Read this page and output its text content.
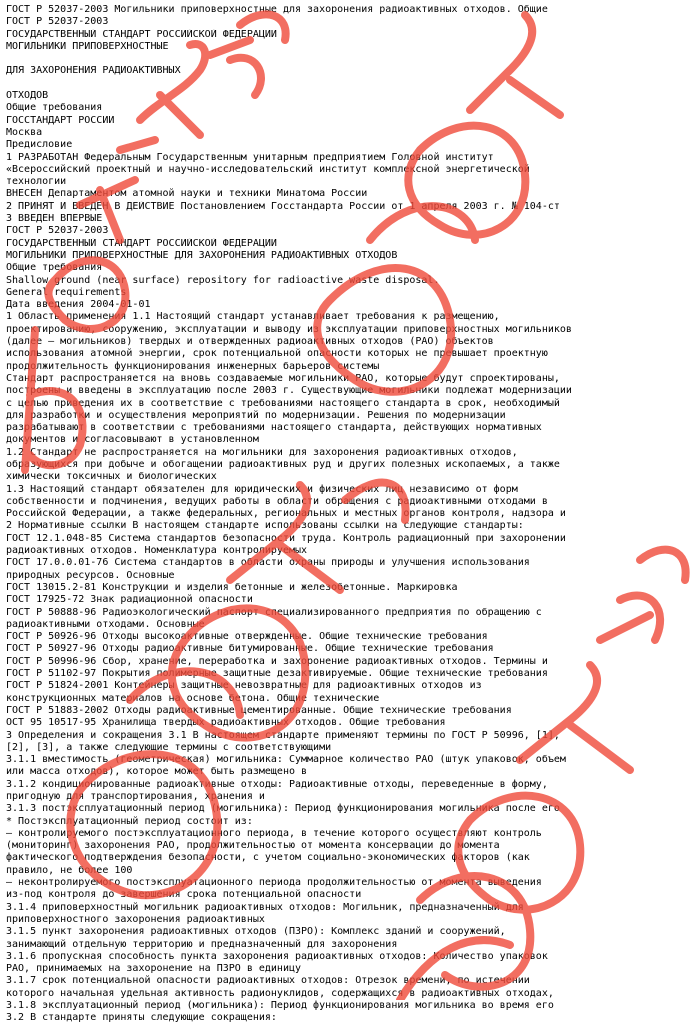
ГОСТ Р 52037-2003 Могильники приповерхностные для захоронения радиоактивных отходов. Общие
ГОСТ Р 52037-2003
ГОСУДАРСТВЕННЫЙ СТАНДАРТ РОССИЙСКОЙ ФЕДЕРАЦИИ
МОГИЛЬНИКИ ПРИПОВЕРХНОСТНЫЕ
ДЛЯ ЗАХОРОНЕНИЯ РАДИОАКТИВНЫХ
ОТХОДОВ
Общие требования
ГОССТАНДАРТ РОССИИ
Москва
Предисловие
1 РАЗРАБОТАН Федеральным Государственным унитарным предприятием Головной институт
«Всероссийский проектный и научно-исследовательский институт комплексной энергетической
технологии
ВНЕСЕН Департаментом атомной науки и техники Минатома России
2 ПРИНЯТ И ВВЕДЕН В ДЕЙСТВИЕ Постановлением Госстандарта России от 1 апреля 2003 г. № 104-ст
3 ВВЕДЕН ВПЕРВЫЕ
ГОСТ Р 52037-2003
ГОСУДАРСТВЕННЫЙ СТАНДАРТ РОССИЙСКОЙ ФЕДЕРАЦИИ
МОГИЛЬНИКИ ПРИПОВЕРХНОСТНЫЕ ДЛЯ ЗАХОРОНЕНИЯ РАДИОАКТИВНЫХ ОТХОДОВ
Общие требования
Shallow ground (near surface) repository for radioactive waste disposal.
General requirements
Дата введения 2004-01-01
1 Область применения 1.1 Настоящий стандарт устанавливает требования к размещению,
проектированию, сооружению, эксплуатации и выводу из эксплуатации приповерхностных могильников
(далее — могильников) твердых и отвержденных радиоактивных отходов (РАО) объектов
использования атомной энергии, срок потенциальной опасности которых не превышает проектную
продолжительность функционирования инженерных барьеров системы
Стандарт распространяется на вновь создаваемые могильники РАО, которые будут спроектированы,
построены и введены в эксплуатацию после 2003 г. Существующие могильники подлежат модернизации
с целью приведения их в соответствие с требованиями настоящего стандарта в срок, необходимый
для разработки и осуществления мероприятий по модернизации. Решения по модернизации
разрабатывают в соответствии с требованиями настоящего стандарта, действующих нормативных
документов и согласовывают в установленном
1.2 Стандарт не распространяется на могильники для захоронения радиоактивных отходов,
образующихся при добыче и обогащении радиоактивных руд и других полезных ископаемых, а также
химически токсичных и биологических
1.3 Настоящий стандарт обязателен для юридических и физических лиц независимо от форм
собственности и подчинения, ведущих работы в области обращения с радиоактивными отходами в
Российской Федерации, а также федеральных, региональных и местных органов контроля, надзора и
2 Нормативные ссылки В настоящем стандарте использованы ссылки на следующие стандарты:
ГОСТ 12.1.048-85 Система стандартов безопасности труда. Контроль радиационный при захоронении
радиоактивных отходов. Номенклатура контролируемых
ГОСТ 17.0.0.01-76 Система стандартов в области охраны природы и улучшения использования
природных ресурсов. Основные
ГОСТ 13015.2-81 Конструкции и изделия бетонные и железобетонные. Маркировка
ГОСТ 17925-72 Знак радиационной опасности
ГОСТ Р 50888-96 Радиоэкологический паспорт специализированного предприятия по обращению с
радиоактивными отходами. Основные
ГОСТ Р 50926-96 Отходы высокоактивные отвержденные. Общие технические требования
ГОСТ Р 50927-96 Отходы радиоактивные битумированные. Общие технические требования
ГОСТ Р 50996-96 Сбор, хранение, переработка и захоронение радиоактивных отходов. Термины и
ГОСТ Р 51102-97 Покрытия полимерные защитные дезактивируемые. Общие технические требования
ГОСТ Р 51824-2001 Контейнеры защитные невозвратные для радиоактивных отходов из
конструкционных материалов на основе бетона. Общие технические
ГОСТ Р 51883-2002 Отходы радиоактивные цементированные. Общие технические требования
ОСТ 95 10517-95 Хранилища твердых радиоактивных отходов. Общие требования
3 Определения и сокращения 3.1 В настоящем стандарте применяют термины по ГОСТ Р 50996, [1],
[2], [3], а также следующие термины с соответствующими
3.1.1 вместимость (геометрическая) могильника: Суммарное количество РАО (штук упаковок, объем
или масса отходов), которое может быть размещено в
3.1.2 кондиционированные радиоактивные отходы: Радиоактивные отходы, переведенные в форму,
пригодную для транспортирования, хранения и
3.1.3 постэксплуатационный период (могильника): Период функционирования могильника после его
* Постэксплуатационный период состоит из:
— контролируемого постэксплуатационного периода, в течение которого осуществляют контроль
(мониторинг) захоронения РАО, продолжительностью от момента консервации до момента
фактического подтверждения безопасности, с учетом социально-экономических факторов (как
правило, не более 100
— неконтролируемого постэксплуатационного периода продолжительностью от момента выведения
из-под контроля до завершения срока потенциальной опасности
3.1.4 приповерхностный могильник радиоактивных отходов: Могильник, предназначенный для
приповерхностного захоронения радиоактивных
3.1.5 пункт захоронения радиоактивных отходов (ПЗРО): Комплекс зданий и сооружений,
занимающий отдельную территорию и предназначенный для захоронения
3.1.6 пропускная способность пункта захоронения радиоактивных отходов: Количество упаковок
РАО, принимаемых на захоронение на ПЗРО в единицу
3.1.7 срок потенциальной опасности радиоактивных отходов: Отрезок времени, по истечении
которого начальная удельная активность радионуклидов, содержащихся в радиоактивных отходах,
3.1.8 эксплуатационный период (могильника): Период функционирования могильника во время его
3.2 В стандарте приняты следующие сокращения:
